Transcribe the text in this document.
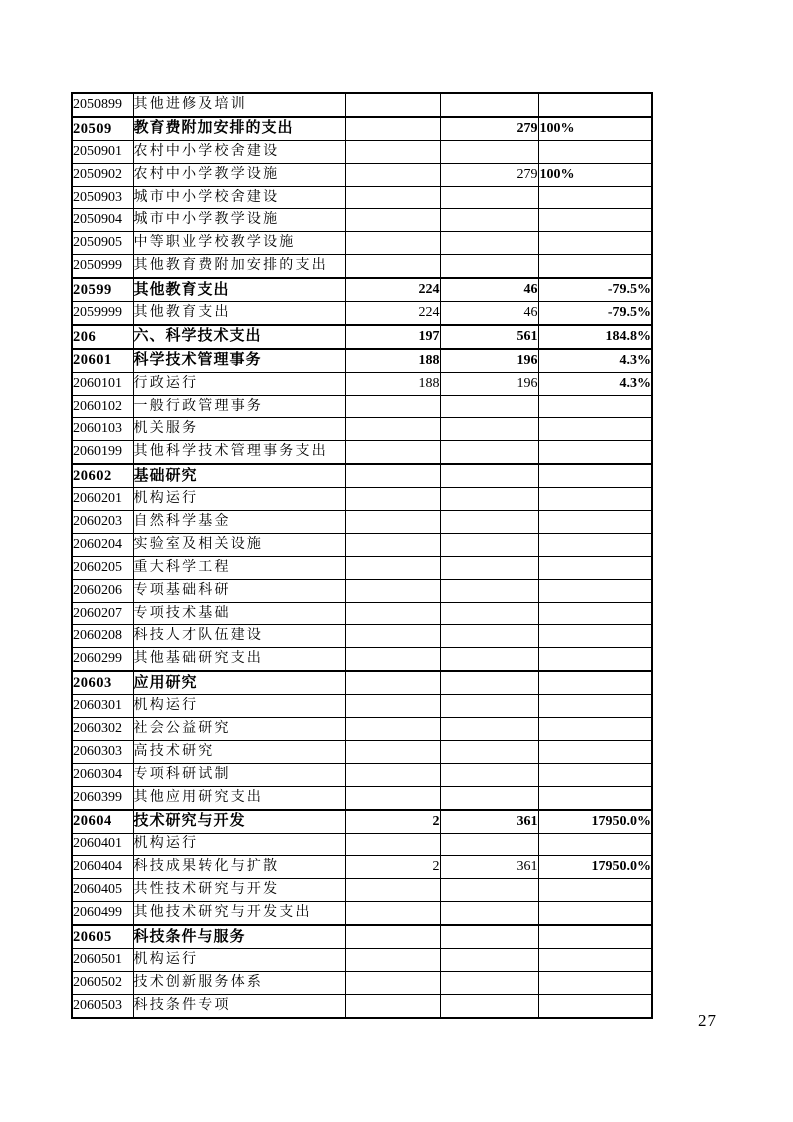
2050899	其他进修及培训			
20509	教育费附加安排的支出		279	100%
2050901	农村中小学校舍建设			
2050902	农村中小学教学设施		279	100%
2050903	城市中小学校舍建设			
2050904	城市中小学教学设施			
2050905	中等职业学校教学设施			
2050999	其他教育费附加安排的支出			
20599	其他教育支出	224	46	-79.5%
2059999	其他教育支出	224	46	-79.5%
206	六、科学技术支出	197	561	184.8%
20601	科学技术管理事务	188	196	4.3%
2060101	行政运行	188	196	4.3%
2060102	一般行政管理事务			
2060103	机关服务			
2060199	其他科学技术管理事务支出			
20602	基础研究			
2060201	机构运行			
2060203	自然科学基金			
2060204	实验室及相关设施			
2060205	重大科学工程			
2060206	专项基础科研			
2060207	专项技术基础			
2060208	科技人才队伍建设			
2060299	其他基础研究支出			
20603	应用研究			
2060301	机构运行			
2060302	社会公益研究			
2060303	高技术研究			
2060304	专项科研试制			
2060399	其他应用研究支出			
20604	技术研究与开发	2	361	17950.0%
2060401	机构运行			
2060404	科技成果转化与扩散	2	361	17950.0%
2060405	共性技术研究与开发			
2060499	其他技术研究与开发支出			
20605	科技条件与服务			
2060501	机构运行			
2060502	技术创新服务体系			
2060503	科技条件专项			
27
